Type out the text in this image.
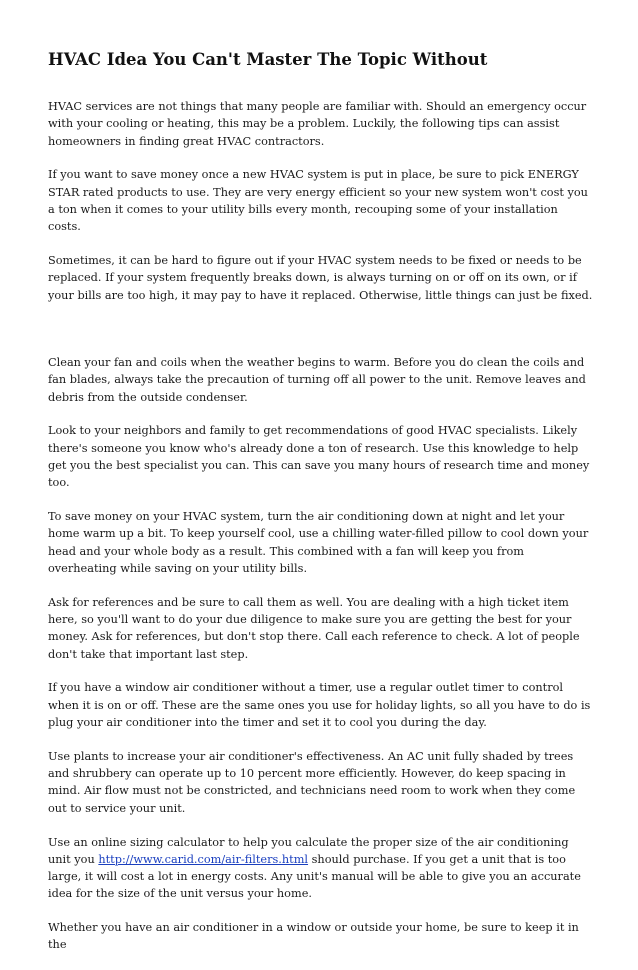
HVAC Idea You Can't Master The Topic Without

HVAC services are not things that many people are familiar with. Should an emergency occur with your cooling or heating, this may be a problem. Luckily, the following tips can assist homeowners in finding great HVAC contractors.

If you want to save money once a new HVAC system is put in place, be sure to pick ENERGY STAR rated products to use. They are very energy efficient so your new system won't cost you a ton when it comes to your utility bills every month, recouping some of your installation costs.

Sometimes, it can be hard to figure out if your HVAC system needs to be fixed or needs to be replaced. If your system frequently breaks down, is always turning on or off on its own, or if your bills are too high, it may pay to have it replaced. Otherwise, little things can just be fixed.

Clean your fan and coils when the weather begins to warm. Before you do clean the coils and fan blades, always take the precaution of turning off all power to the unit. Remove leaves and debris from the outside condenser.

Look to your neighbors and family to get recommendations of good HVAC specialists. Likely there's someone you know who's already done a ton of research. Use this knowledge to help get you the best specialist you can. This can save you many hours of research time and money too.

To save money on your HVAC system, turn the air conditioning down at night and let your home warm up a bit. To keep yourself cool, use a chilling water-filled pillow to cool down your head and your whole body as a result. This combined with a fan will keep you from overheating while saving on your utility bills.

Ask for references and be sure to call them as well. You are dealing with a high ticket item here, so you'll want to do your due diligence to make sure you are getting the best for your money. Ask for references, but don't stop there. Call each reference to check. A lot of people don't take that important last step.

If you have a window air conditioner without a timer, use a regular outlet timer to control when it is on or off. These are the same ones you use for holiday lights, so all you have to do is plug your air conditioner into the timer and set it to cool you during the day.

Use plants to increase your air conditioner's effectiveness. An AC unit fully shaded by trees and shrubbery can operate up to 10 percent more efficiently. However, do keep spacing in mind. Air flow must not be constricted, and technicians need room to work when they come out to service your unit.

Use an online sizing calculator to help you calculate the proper size of the air conditioning unit you http://www.carid.com/air-filters.html should purchase. If you get a unit that is too large, it will cost a lot in energy costs. Any unit's manual will be able to give you an accurate idea for the size of the unit versus your home.

Whether you have an air conditioner in a window or outside your home, be sure to keep it in the
